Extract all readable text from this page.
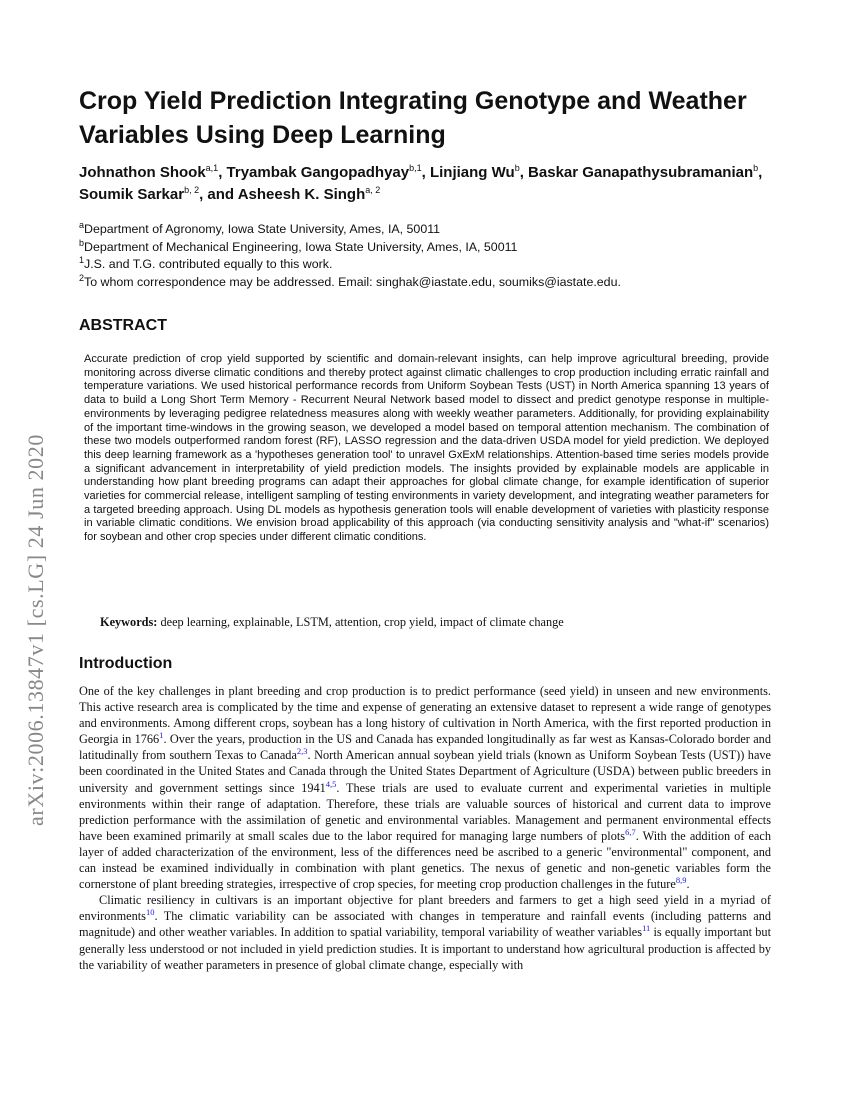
arXiv:2006.13847v1 [cs.LG] 24 Jun 2020
Crop Yield Prediction Integrating Genotype and Weather Variables Using Deep Learning

Johnathon Shook$^{a,1}$, Tryambak Gangopadhyay$^{b,1}$, Linjiang Wu$^b$, Baskar Ganapathysubramanian$^b$, Soumik Sarkar$^{b, 2}$, and Asheesh K. Singh$^{a, 2}$

$^a$Department of Agronomy, Iowa State University, Ames, IA, 50011
$^b$Department of Mechanical Engineering, Iowa State University, Ames, IA, 50011
$^1$J.S. and T.G. contributed equally to this work.
$^2$To whom correspondence may be addressed. Email: singhak@iastate.edu, soumiks@iastate.edu.
ABSTRACT

Accurate prediction of crop yield supported by scientific and domain-relevant insights, can help improve agricultural breeding, provide monitoring across diverse climatic conditions and thereby protect against climatic challenges to crop production including erratic rainfall and temperature variations. We used historical performance records from Uniform Soybean Tests (UST) in North America spanning 13 years of data to build a Long Short Term Memory - Recurrent Neural Network based model to dissect and predict genotype response in multiple-environments by leveraging pedigree relatedness measures along with weekly weather parameters. Additionally, for providing explainability of the important time-windows in the growing season, we developed a model based on temporal attention mechanism. The combination of these two models outperformed random forest (RF), LASSO regression and the data-driven USDA model for yield prediction. We deployed this deep learning framework as a 'hypotheses generation tool' to unravel GxExM relationships. Attention-based time series models provide a significant advancement in interpretability of yield prediction models. The insights provided by explainable models are applicable in understanding how plant breeding programs can adapt their approaches for global climate change, for example identification of superior varieties for commercial release, intelligent sampling of testing environments in variety development, and integrating weather parameters for a targeted breeding approach. Using DL models as hypothesis generation tools will enable development of varieties with plasticity response in variable climatic conditions. We envision broad applicability of this approach (via conducting sensitivity analysis and "what-if" scenarios) for soybean and other crop species under different climatic conditions.

Keywords: deep learning, explainable, LSTM, attention, crop yield, impact of climate change

Introduction

One of the key challenges in plant breeding and crop production is to predict performance (seed yield) in unseen and new environments. This active research area is complicated by the time and expense of generating an extensive dataset to represent a wide range of genotypes and environments. Among different crops, soybean has a long history of cultivation in North America, with the first reported production in Georgia in 1766$^1$. Over the years, production in the US and Canada has expanded longitudinally as far west as Kansas-Colorado border and latitudinally from southern Texas to Canada$^{2,3}$. North American annual soybean yield trials (known as Uniform Soybean Tests (UST)) have been coordinated in the United States and Canada through the United States Department of Agriculture (USDA) between public breeders in university and government settings since 1941$^{4,5}$. These trials are used to evaluate current and experimental varieties in multiple environments within their range of adaptation. Therefore, these trials are valuable sources of historical and current data to improve prediction performance with the assimilation of genetic and environmental variables. Management and permanent environmental effects have been examined primarily at small scales due to the labor required for managing large numbers of plots$^{6,7}$. With the addition of each layer of added characterization of the environment, less of the differences need be ascribed to a generic "environmental" component, and can instead be examined individually in combination with plant genetics. The nexus of genetic and non-genetic variables form the cornerstone of plant breeding strategies, irrespective of crop species, for meeting crop production challenges in the future$^{8,9}$.

Climatic resiliency in cultivars is an important objective for plant breeders and farmers to get a high seed yield in a myriad of environments$^{10}$. The climatic variability can be associated with changes in temperature and rainfall events (including patterns and magnitude) and other weather variables. In addition to spatial variability, temporal variability of weather variables$^{11}$ is equally important but generally less understood or not included in yield prediction studies. It is important to understand how agricultural production is affected by the variability of weather parameters in presence of global climate change, especially with
